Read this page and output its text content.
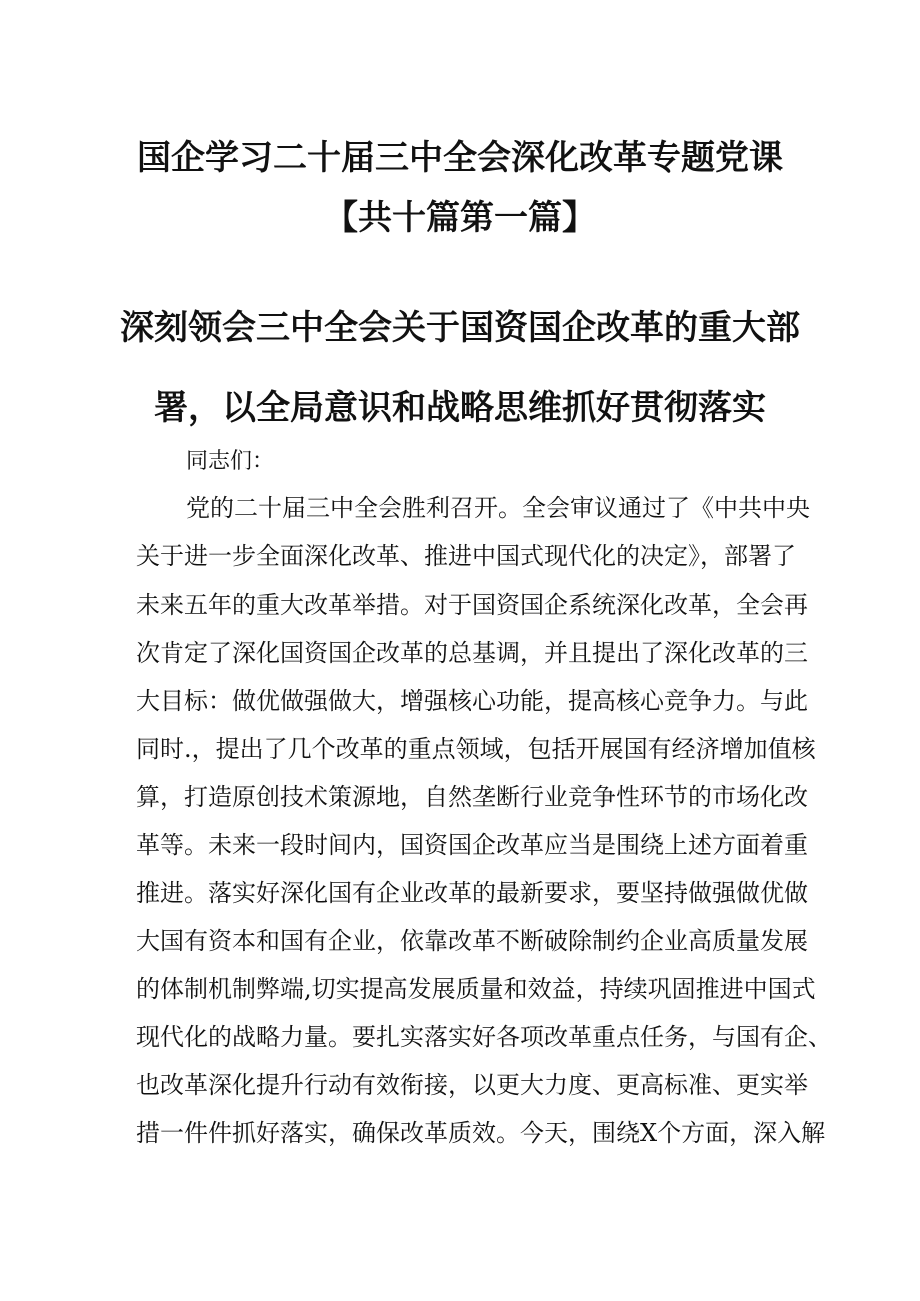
国企学习二十届三中全会深化改革专题党课
【共十篇第一篇】
深刻领会三中全会关于国资国企改革的重大部
署，以全局意识和战略思维抓好贯彻落实
同志们：
党的二十届三中全会胜利召开。全会审议通过了《中共中央
关于进一步全面深化改革、推进中国式现代化的决定》，部署了
未来五年的重大改革举措。对于国资国企系统深化改革，全会再
次肯定了深化国资国企改革的总基调，并且提出了深化改革的三
大目标：做优做强做大，增强核心功能，提高核心竞争力。与此
同时.，提出了几个改革的重点领域，包括开展国有经济增加值核
算，打造原创技术策源地，自然垄断行业竞争性环节的市场化改
革等。未来一段时间内，国资国企改革应当是围绕上述方面着重
推进。落实好深化国有企业改革的最新要求，要坚持做强做优做
大国有资本和国有企业，依靠改革不断破除制约企业高质量发展
的体制机制弊端,切实提高发展质量和效益，持续巩固推进中国式
现代化的战略力量。要扎实落实好各项改革重点任务，与国有企、
也改革深化提升行动有效衔接，以更大力度、更高标准、更实举
措一件件抓好落实，确保改革质效。今天，围绕X个方面，深入解
